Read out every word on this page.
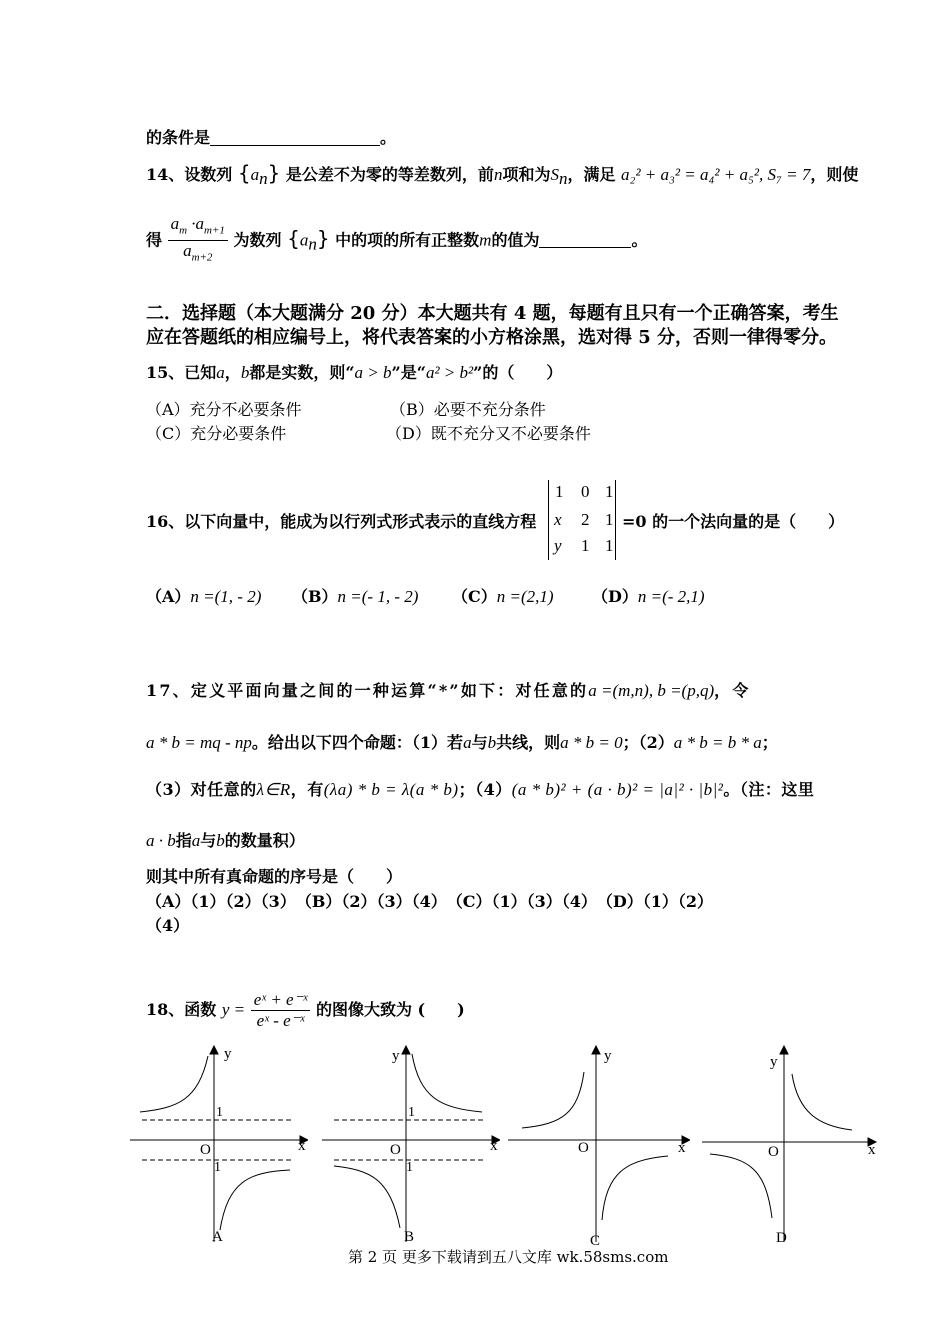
的条件是	。
14、设数列 $\{a_n\}$ 是公差不为零的等差数列，前n项和为$S_n$，满足 a₂² + a₃² = a₄² + a₅², S₇ = 7，则使
得 $\frac{a_m \cdot a_{m+1}}{a_{m+2}}$ 为数列 $\{a_n\}$ 中的项的所有正整数m的值为	。
二．选择题（本大题满分 20 分）本大题共有 4 题，每题有且只有一个正确答案，考生
应在答题纸的相应编号上，将代表答案的小方格涂黑，选对得 5 分，否则一律得零分。
15、已知a，b都是实数，则“a > b”是“a² > b²”的（　　）
（A）充分不必要条件	（B）必要不充分条件
（C）充分必要条件	（D）既不充分又不必要条件
16、以下向量中，能成为以行列式形式表示的直线方程
1 0 1
x 2 1
y 1 1
=0 的一个法向量的是（　　）
（A）n =(1, - 2) （B）n =(- 1, - 2) （C）n =(2,1) （D）n =(- 2,1)
17、定义平面向量之间的一种运算“*”如下：对任意的a =(m,n), b =(p,q)，令
a * b = mq - np。给出以下四个命题：（1）若a与b共线，则a * b = 0；（2）a * b = b * a；
（3）对任意的λ∈R，有(λa) * b = λ(a * b)；（4）(a * b)² + (a · b)² = |a|² · |b|²。（注：这里
a · b指a与b的数量积）
则其中所有真命题的序号是（　　）
（A）（1）（2）（3）　（B）（2）（3）（4）　（C）（1）（3）（4）　（D）（1）（2）
（4）
18、函数 $y = \frac{\text{eˣ + e⁻ˣ}}{\text{eˣ - e⁻ˣ}}$ 的图像大致为 (　　)
y
x
O
1
1
A
y
x
O
1
1
B
y
x
O
C
y
x
O
D
第 2 页 更多下载请到五八文库 wk.58sms.com
